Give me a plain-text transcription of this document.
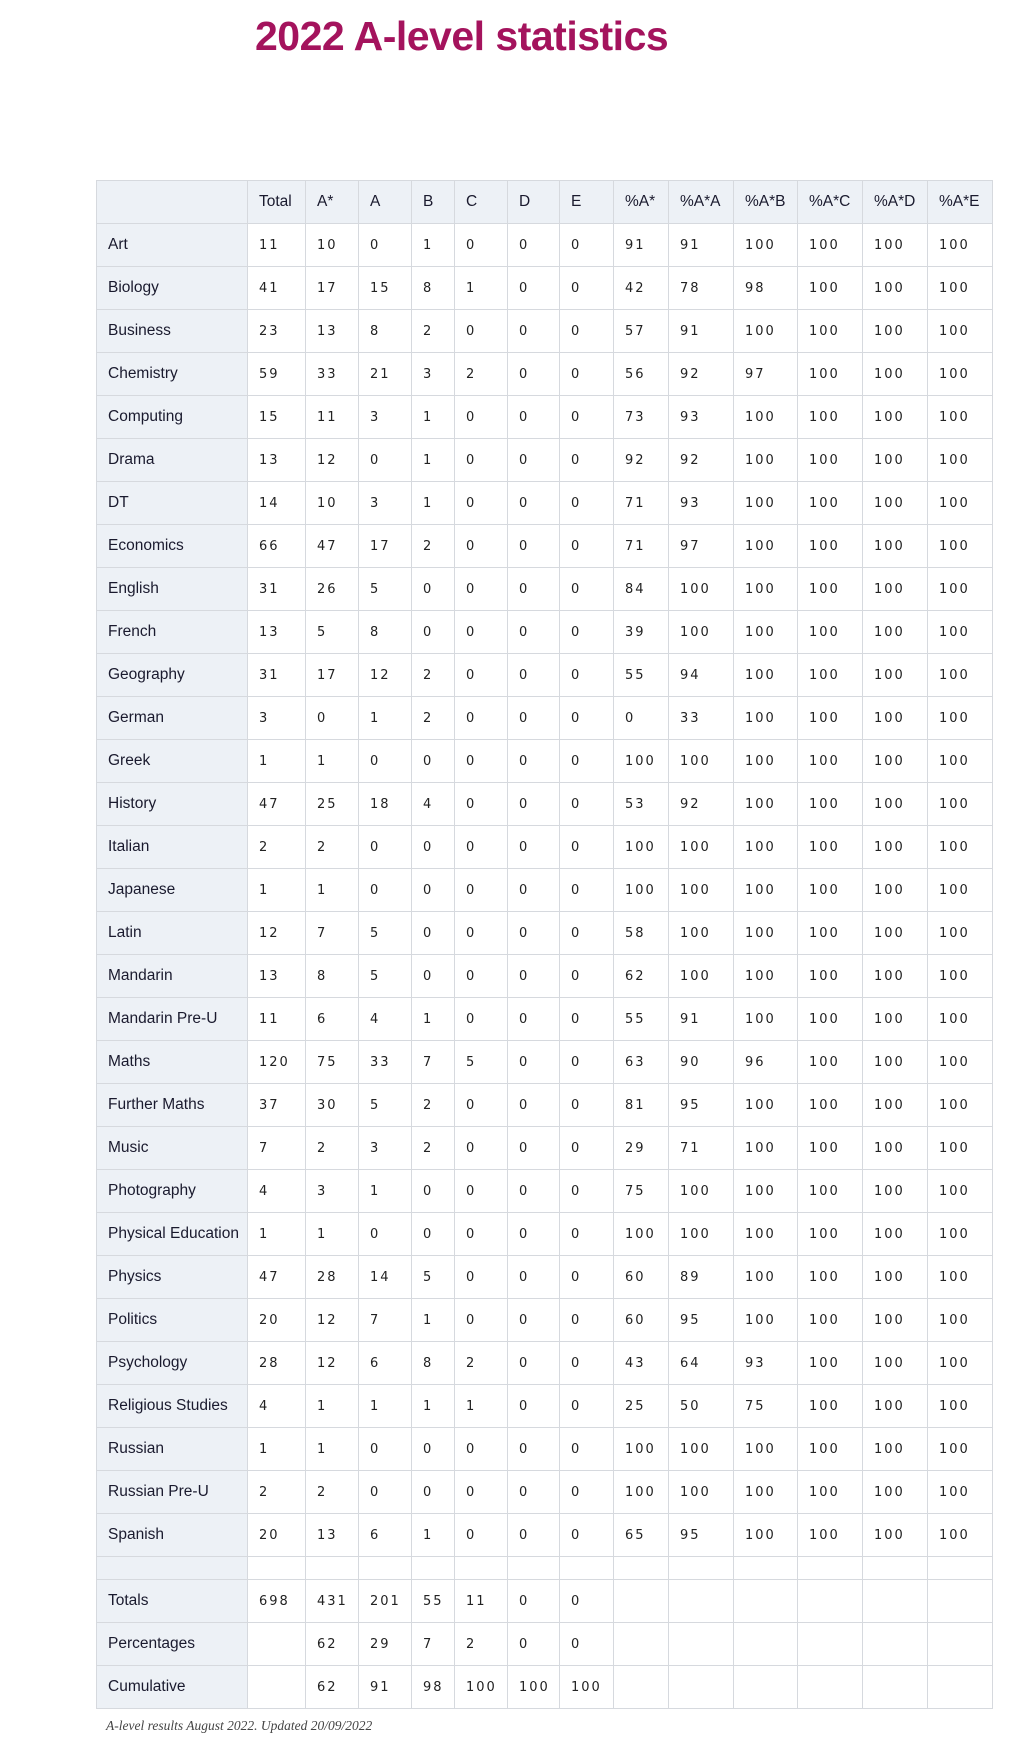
2022 A-level statistics
	Total	A*	A	B	C	D	E	%A*	%A*A	%A*B	%A*C	%A*D	%A*E
Art	11	10	0	1	0	0	0	91	91	100	100	100	100
Biology	41	17	15	8	1	0	0	42	78	98	100	100	100
Business	23	13	8	2	0	0	0	57	91	100	100	100	100
Chemistry	59	33	21	3	2	0	0	56	92	97	100	100	100
Computing	15	11	3	1	0	0	0	73	93	100	100	100	100
Drama	13	12	0	1	0	0	0	92	92	100	100	100	100
DT	14	10	3	1	0	0	0	71	93	100	100	100	100
Economics	66	47	17	2	0	0	0	71	97	100	100	100	100
English	31	26	5	0	0	0	0	84	100	100	100	100	100
French	13	5	8	0	0	0	0	39	100	100	100	100	100
Geography	31	17	12	2	0	0	0	55	94	100	100	100	100
German	3	0	1	2	0	0	0	0	33	100	100	100	100
Greek	1	1	0	0	0	0	0	100	100	100	100	100	100
History	47	25	18	4	0	0	0	53	92	100	100	100	100
Italian	2	2	0	0	0	0	0	100	100	100	100	100	100
Japanese	1	1	0	0	0	0	0	100	100	100	100	100	100
Latin	12	7	5	0	0	0	0	58	100	100	100	100	100
Mandarin	13	8	5	0	0	0	0	62	100	100	100	100	100
Mandarin Pre-U	11	6	4	1	0	0	0	55	91	100	100	100	100
Maths	120	75	33	7	5	0	0	63	90	96	100	100	100
Further Maths	37	30	5	2	0	0	0	81	95	100	100	100	100
Music	7	2	3	2	0	0	0	29	71	100	100	100	100
Photography	4	3	1	0	0	0	0	75	100	100	100	100	100
Physical Education	1	1	0	0	0	0	0	100	100	100	100	100	100
Physics	47	28	14	5	0	0	0	60	89	100	100	100	100
Politics	20	12	7	1	0	0	0	60	95	100	100	100	100
Psychology	28	12	6	8	2	0	0	43	64	93	100	100	100
Religious Studies	4	1	1	1	1	0	0	25	50	75	100	100	100
Russian	1	1	0	0	0	0	0	100	100	100	100	100	100
Russian Pre-U	2	2	0	0	0	0	0	100	100	100	100	100	100
Spanish	20	13	6	1	0	0	0	65	95	100	100	100	100

Totals	698	431	201	55	11	0	0						
Percentages		62	29	7	2	0	0						
Cumulative		62	91	98	100	100	100						

A-level results August 2022. Updated 20/09/2022
